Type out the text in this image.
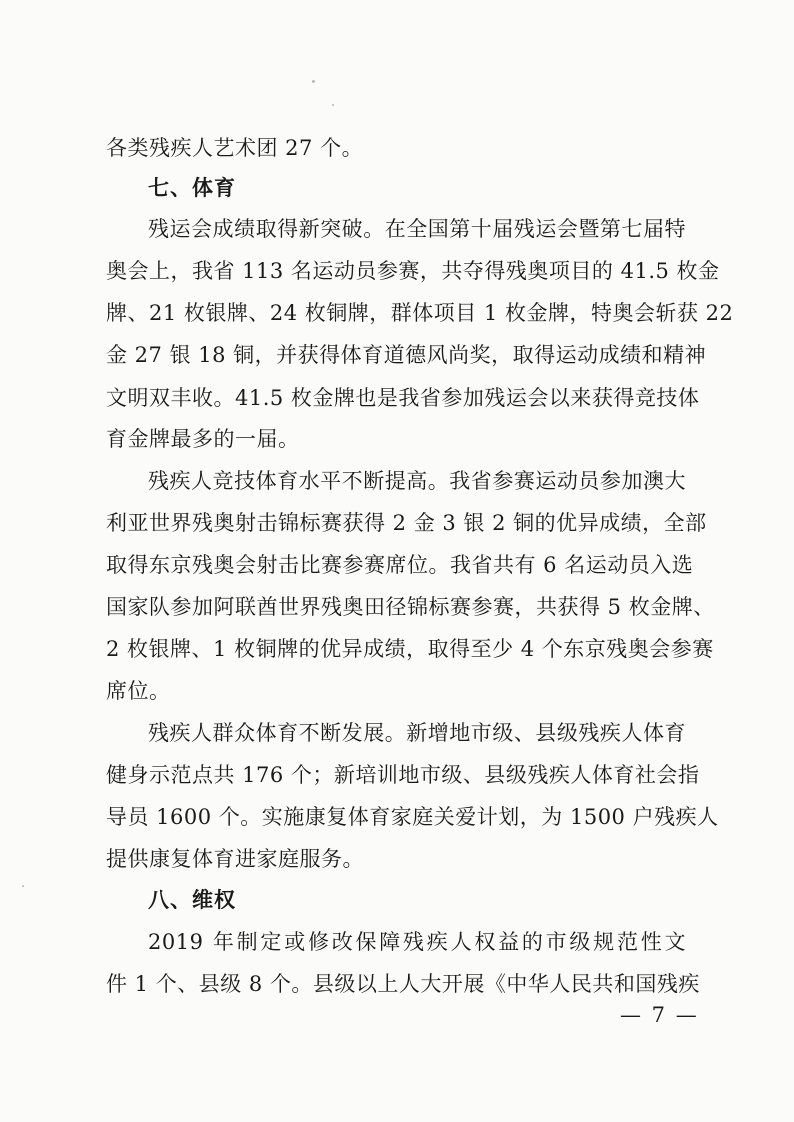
各类残疾人艺术团 27 个。
七、体育
残运会成绩取得新突破。在全国第十届残运会暨第七届特
奥会上，我省 113 名运动员参赛，共夺得残奥项目的 41.5 枚金
牌、21 枚银牌、24 枚铜牌，群体项目 1 枚金牌，特奥会斩获 22
金 27 银 18 铜，并获得体育道德风尚奖，取得运动成绩和精神
文明双丰收。41.5 枚金牌也是我省参加残运会以来获得竞技体
育金牌最多的一届。
残疾人竞技体育水平不断提高。我省参赛运动员参加澳大
利亚世界残奥射击锦标赛获得 2 金 3 银 2 铜的优异成绩，全部
取得东京残奥会射击比赛参赛席位。我省共有 6 名运动员入选
国家队参加阿联酋世界残奥田径锦标赛参赛，共获得 5 枚金牌、
2 枚银牌、1 枚铜牌的优异成绩，取得至少 4 个东京残奥会参赛
席位。
残疾人群众体育不断发展。新增地市级、县级残疾人体育
健身示范点共 176 个；新培训地市级、县级残疾人体育社会指
导员 1600 个。实施康复体育家庭关爱计划，为 1500 户残疾人
提供康复体育进家庭服务。
八、维权
2019 年制定或修改保障残疾人权益的市级规范性文
件 1 个、县级 8 个。县级以上人大开展《中华人民共和国残疾
— 7 —
